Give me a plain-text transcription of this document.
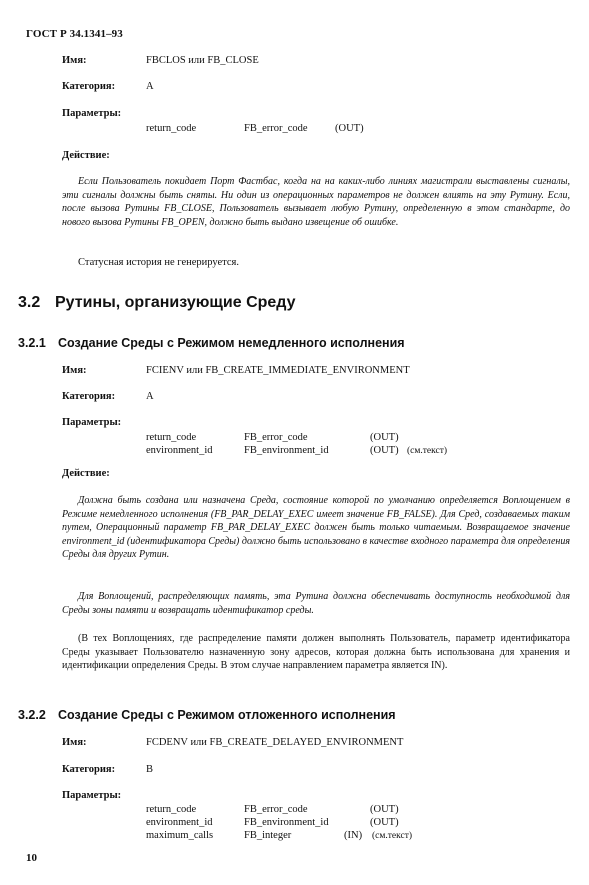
ГОСТ Р 34.1341–93
Имя:	FBCLOS или FB_CLOSE
Категория:	A
Параметры:
return_code	FB_error_code	(OUT)
Действие:
Если Пользователь покидает Порт Фастбас, когда на на каких-либо линиях магистрали выставлены сигналы, эти сигналы должны быть сняты. Ни один из операционных параметров не должен влиять на эту Рутину. Если, после вызова Рутины FB_CLOSE, Пользователь вызывает любую Рутину, определенную в этом стандарте, до нового вызова Рутины FB_OPEN, должно быть выдано извещение об ошибке.
Статусная история не генерируется.
3.2 Рутины, организующие Среду
3.2.1 Создание Среды с Режимом немедленного исполнения
Имя:	FCIENV или FB_CREATE_IMMEDIATE_ENVIRONMENT
Категория:	A
Параметры:
return_code	FB_error_code	(OUT)
environment_id	FB_environment_id	(OUT) (см.текст)
Действие:
Должна быть создана или назначена Среда, состояние которой по умолчанию определяется Воплощением в Режиме немедленного исполнения (FB_PAR_DELAY_EXEC имеет значение FB_FALSE). Для Сред, создаваемых таким путем, Операционный параметр FB_PAR_DELAY_EXEC должен быть только читаемым. Возвращаемое значение environment_id (идентификатора Среды) должно быть использовано в качестве входного параметра для определения Среды для других Рутин.
Для Воплощений, распределяющих память, эта Рутина должна обеспечивать доступность необходимой для Среды зоны памяти и возвращать идентификатор среды.
(В тех Воплощениях, где распределение памяти должен выполнять Пользователь, параметр идентификатора Среды указывает Пользователю назначенную зону адресов, которая должна быть использована для хранения и идентификации определения Среды. В этом случае направлением параметра является IN).
3.2.2 Создание Среды с Режимом отложенного исполнения
Имя:	FCDENV или FB_CREATE_DELAYED_ENVIRONMENT
Категория:	B
Параметры:
return_code	FB_error_code	(OUT)
environment_id	FB_environment_id	(OUT)
maximum_calls	FB_integer	(IN) (см.текст)
10
